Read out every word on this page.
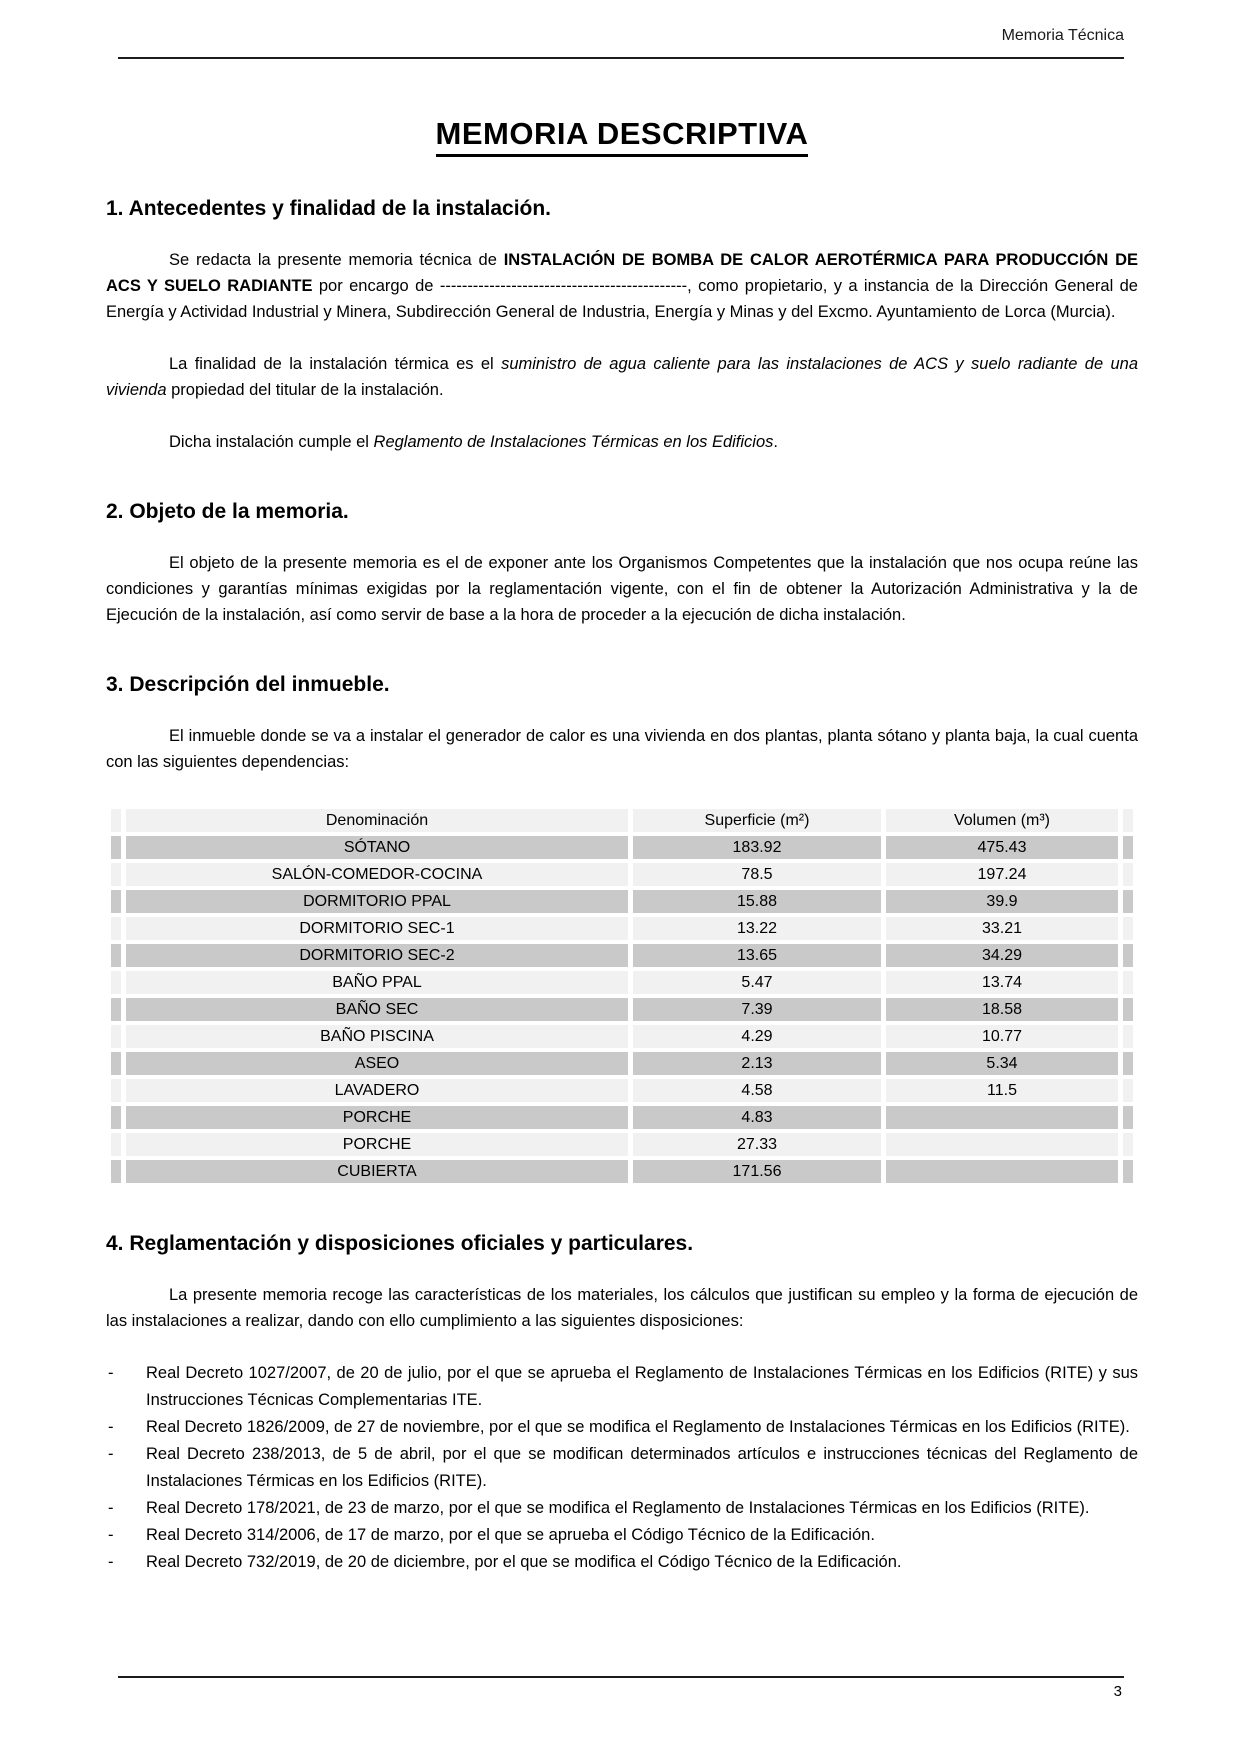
Memoria Técnica
MEMORIA DESCRIPTIVA
1. Antecedentes y finalidad de la instalación.

Se redacta la presente memoria técnica de INSTALACIÓN DE BOMBA DE CALOR AEROTÉRMICA PARA PRODUCCIÓN DE ACS Y SUELO RADIANTE por encargo de ---------------------------------------------, como propietario, y a instancia de la Dirección General de Energía y Actividad Industrial y Minera, Subdirección General de Industria, Energía y Minas y del Excmo. Ayuntamiento de Lorca (Murcia).

La finalidad de la instalación térmica es el suministro de agua caliente para las instalaciones de ACS y suelo radiante de una vivienda propiedad del titular de la instalación.

Dicha instalación cumple el Reglamento de Instalaciones Térmicas en los Edificios.

2. Objeto de la memoria.

El objeto de la presente memoria es el de exponer ante los Organismos Competentes que la instalación que nos ocupa reúne las condiciones y garantías mínimas exigidas por la reglamentación vigente, con el fin de obtener la Autorización Administrativa y la de Ejecución de la instalación, así como servir de base a la hora de proceder a la ejecución de dicha instalación.

3. Descripción del inmueble.

El inmueble donde se va a instalar el generador de calor es una vivienda en dos plantas, planta sótano y planta baja, la cual cuenta con las siguientes dependencias:

	Denominación	Superficie (m²)	Volumen (m³)	
	SÓTANO	183.92	475.43	
	SALÓN-COMEDOR-COCINA	78.5	197.24	
	DORMITORIO PPAL	15.88	39.9	
	DORMITORIO SEC-1	13.22	33.21	
	DORMITORIO SEC-2	13.65	34.29	
	BAÑO PPAL	5.47	13.74	
	BAÑO SEC	7.39	18.58	
	BAÑO PISCINA	4.29	10.77	
	ASEO	2.13	5.34	
	LAVADERO	4.58	11.5	
	PORCHE	4.83		
	PORCHE	27.33		
	CUBIERTA	171.56		
4. Reglamentación y disposiciones oficiales y particulares.

La presente memoria recoge las características de los materiales, los cálculos que justifican su empleo y la forma de ejecución de las instalaciones a realizar, dando con ello cumplimiento a las siguientes disposiciones:

-	Real Decreto 1027/2007, de 20 de julio, por el que se aprueba el Reglamento de Instalaciones Térmicas en los Edificios (RITE) y sus Instrucciones Técnicas Complementarias ITE.
-	Real Decreto 1826/2009, de 27 de noviembre, por el que se modifica el Reglamento de Instalaciones Térmicas en los Edificios (RITE).
-	Real Decreto 238/2013, de 5 de abril, por el que se modifican determinados artículos e instrucciones técnicas del Reglamento de Instalaciones Térmicas en los Edificios (RITE).
-	Real Decreto 178/2021, de 23 de marzo, por el que se modifica el Reglamento de Instalaciones Térmicas en los Edificios (RITE).
-	Real Decreto 314/2006, de 17 de marzo, por el que se aprueba el Código Técnico de la Edificación.
-	Real Decreto 732/2019, de 20 de diciembre, por el que se modifica el Código Técnico de la Edificación.
3
